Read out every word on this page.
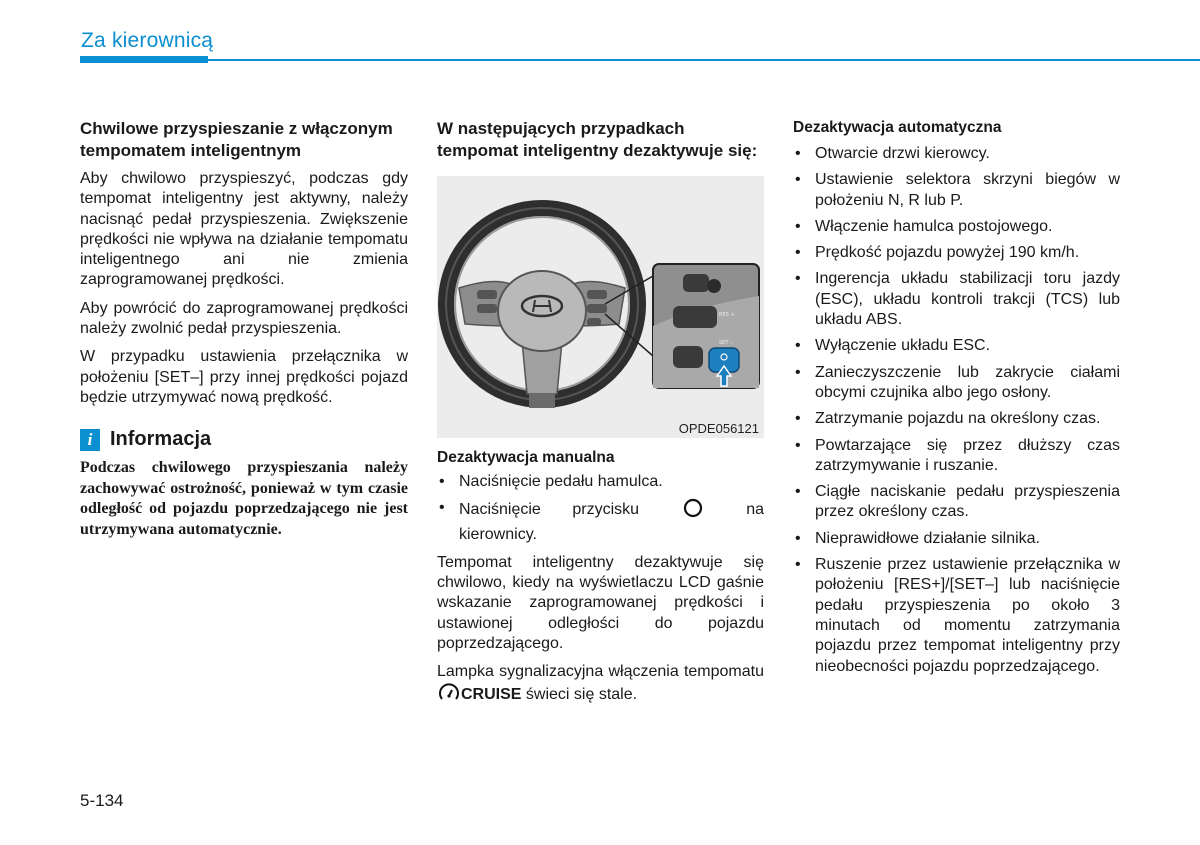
Za kierownicą
Chwilowe przyspieszanie z włączonym tempomatem inteligentnym

Aby chwilowo przyspieszyć, podczas gdy tempomat inteligentny jest aktywny, należy nacisnąć pedał przyspieszenia. Zwiększenie prędkości nie wpływa na działanie tempomatu inteligentnego ani nie zmienia zaprogramowanej prędkości.

Aby powrócić do zaprogramowanej prędkości należy zwolnić pedał przyspieszenia.

W przypadku ustawienia przełącznika w położeniu [SET–] przy innej prędkości pojazd będzie utrzymywać nową prędkość.

i Informacja
Podczas chwilowego przyspieszania należy zachowywać ostrożność, ponieważ w tym czasie odległość od pojazdu poprzedzającego nie jest utrzymywana automatycznie.
W następujących przypadkach tempomat inteligentny dezaktywuje się:
RES +
SET –
OPDE056121
Dezaktywacja manualna
• Naciśnięcie pedału hamulca.
• Naciśnięcie przycisku	na kierownicy.

Tempomat inteligentny dezaktywuje się chwilowo, kiedy na wyświetlaczu LCD gaśnie wskazanie zaprogramowanej prędkości i ustawionej odległości do pojazdu poprzedzającego.

Lampka sygnalizacyjna włączenia tempomatu CRUISE świeci się stale.

Dezaktywacja automatyczna
• Otwarcie drzwi kierowcy.
• Ustawienie selektora skrzyni biegów w położeniu N, R lub P.
• Włączenie hamulca postojowego.
• Prędkość pojazdu powyżej 190 km/h.
• Ingerencja układu stabilizacji toru jazdy (ESC), układu kontroli trakcji (TCS) lub układu ABS.
• Wyłączenie układu ESC.
• Zanieczyszczenie lub zakrycie ciałami obcymi czujnika albo jego osłony.
• Zatrzymanie pojazdu na określony czas.
• Powtarzające się przez dłuższy czas zatrzymywanie i ruszanie.
• Ciągłe naciskanie pedału przyspieszenia przez określony czas.
• Nieprawidłowe działanie silnika.
• Ruszenie przez ustawienie przełącznika w położeniu [RES+]/[SET–] lub naciśnięcie pedału przyspieszenia po około 3 minutach od momentu zatrzymania pojazdu przez tempomat inteligentny przy nieobecności pojazdu poprzedzającego.
5-134
